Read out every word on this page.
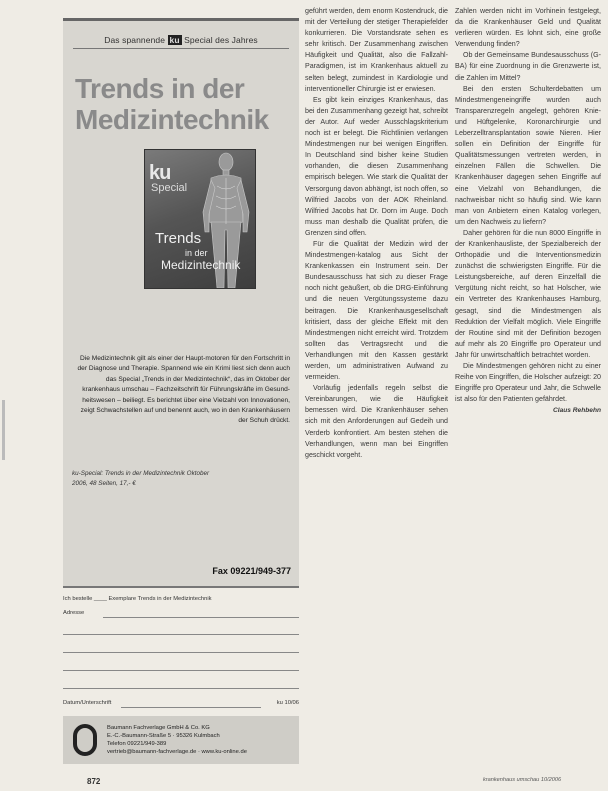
Das spannende ku Special des Jahres
Trends in der
Medizintechnik
ku
Special
Trends
in der
Medizintechnik
Fax 09221/949-377
Die Medizintechnik gilt als einer der Haupt-motoren für den Fortschritt in der Diagnose und Therapie. Spannend wie ein Krimi liest sich denn auch das Special „Trends in der Medizintechnik“, das im Oktober der krankenhaus umschau – Fachzeitschrift für Führungskräfte im Gesund-heitswesen – beiliegt. Es berichtet über eine Vielzahl von Innovationen, zeigt Schwachstellen auf und benennt auch, wo in den Krankenhäusern der Schuh drückt.
ku-Special: Trends in der Medizintechnik Oktober 2006, 48 Seiten, 17,- €
Ich bestelle ____ Exemplare Trends in der Medizintechnik
Adresse
Datum/Unterschrift	ku 10/06
Baumann Fachverlage GmbH & Co. KG
E.-C.-Baumann-Straße 5 · 95326 Kulmbach
Telefon 09221/949-389
vertrieb@baumann-fachverlage.de · www.ku-online.de

geführt werden, dem enorm Kostendruck, die mit der Verteilung der stetiger Therapiefelder konkurrieren. Die Vorstandsrate sehen es sehr kritisch. Der Zusammenhang zwischen Häufigkeit und Qualität, also die Fallzahl-Paradigmen, ist im Krankenhaus aktuell zu selten belegt, zumindest in Kardiologie und interventioneller Chirurgie ist er erwiesen.

Es gibt kein einziges Krankenhaus, das bei den Zusammenhang gezeigt hat, schreibt der Autor. Auf weder Ausschlagskriterium noch ist er belegt. Die Richtlinien verlangen Mindestmengen nur bei wenigen Eingriffen. In Deutschland sind bisher keine Studien vorhanden, die diesen Zusammenhang empirisch belegen. Wie stark die Qualität der Versorgung davon abhängt, ist noch offen, so Wilfried Jacobs von der AOK Rheinland. Wilfried Jacobs hat Dr. Dorn im Auge. Doch muss man deshalb die Qualität prüfen, die Grenzen sind offen.

Für die Qualität der Medizin wird der Mindestmengen-katalog aus Sicht der Krankenkassen ein Instrument sein. Der Bundesausschuss hat sich zu dieser Frage noch nicht geäußert, ob die DRG-Einführung und die neuen Vergütungssysteme dazu beitragen. Die Krankenhausgesellschaft kritisiert, dass der gleiche Effekt mit den Mindestmengen nicht erreicht wird. Trotzdem sollten das Vertragsrecht und die Verhandlungen mit den Kassen gestärkt werden, um administrativen Aufwand zu vermeiden.

Vorläufig jedenfalls regeln selbst die Vereinbarungen, wie die Häufigkeit bemessen wird. Die Krankenhäuser sehen sich mit den Anforderungen auf Gedeih und Verderb konfrontiert. Am besten stehen die Verhandlungen, wenn man bei Eingriffen geschickt vorgeht.

Zahlen werden nicht im Vorhinein festgelegt, da die Krankenhäuser Geld und Qualität verlieren würden. Es lohnt sich, eine große Verwendung finden?

Ob der Gemeinsame Bundesausschuss (G-BA) für eine Zuordnung in die Grenzwerte ist, die Zahlen im Mittel?

Bei den ersten Schulterdebatten um Mindestmengeneingriffe wurden auch Transparenzregeln angelegt, gehören Knie- und Hüftgelenke, Koronarchirurgie und Leberzelltransplantation sowie Nieren. Hier sollen ein Definition der Eingriffe für Qualitätsmessungen vertreten werden, in einzelnen Fällen die Schwellen. Die Krankenhäuser dagegen sehen Eingriffe auf eine Vielzahl von Behandlungen, die nachweisbar nicht so häufig sind. Wie kann man von Anbietern einen Katalog vorlegen, um den Nachweis zu liefern?

Daher gehören für die nun 8000 Eingriffe in der Krankenhausliste, der Spezialbereich der Orthopädie und die Interventionsmedizin zunächst die schwierigsten Eingriffe. Für die Leistungsbereiche, auf deren Einzelfall die Vergütung nicht reicht, so hat Holscher, wie ein Vertreter des Krankenhauses Hamburg, gesagt, sind die Mindestmengen als Reduktion der Vielfalt möglich. Viele Eingriffe der Routine sind mit der Definition bezogen auf mehr als 20 Eingriffe pro Operateur und Jahr für unwirtschaftlich betrachtet worden.

Die Mindestmengen gehören nicht zu einer Reihe von Eingriffen, die Holscher aufzeigt: 20 Eingriffe pro Operateur und Jahr, die Schwelle ist also für den Patienten gefährdet.

Claus Rehbehn
872	krankenhaus umschau 10/2006
